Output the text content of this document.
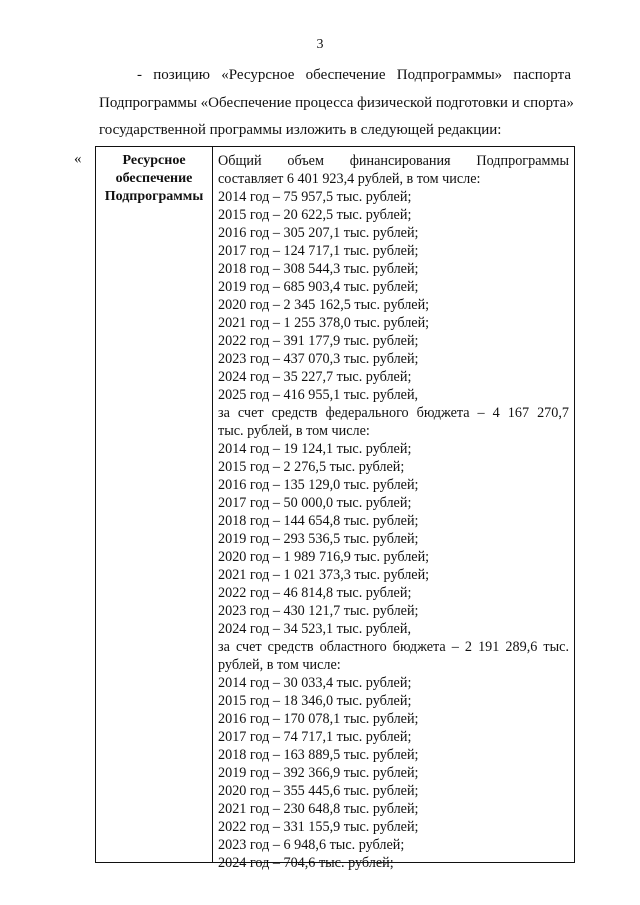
3
- позицию «Ресурсное обеспечение Подпрограммы» паспорта
Подпрограммы «Обеспечение процесса физической подготовки и спорта»
государственной программы изложить в следующей редакции:
«	Ресурсное
обеспечение
Подпрограммы
Общий объем финансирования Подпрограммы
составляет 6 401 923,4 рублей, в том числе:
2014 год – 75 957,5 тыс. рублей;
2015 год – 20 622,5 тыс. рублей;
2016 год – 305 207,1 тыс. рублей;
2017 год – 124 717,1 тыс. рублей;
2018 год – 308 544,3 тыс. рублей;
2019 год – 685 903,4 тыс. рублей;
2020 год – 2 345 162,5 тыс. рублей;
2021 год – 1 255 378,0 тыс. рублей;
2022 год – 391 177,9 тыс. рублей;
2023 год – 437 070,3 тыс. рублей;
2024 год – 35 227,7 тыс. рублей;
2025 год – 416 955,1 тыс. рублей,
за счет средств федерального бюджета – 4 167 270,7
тыс. рублей, в том числе:
2014 год – 19 124,1 тыс. рублей;
2015 год – 2 276,5 тыс. рублей;
2016 год – 135 129,0 тыс. рублей;
2017 год – 50 000,0 тыс. рублей;
2018 год – 144 654,8 тыс. рублей;
2019 год – 293 536,5 тыс. рублей;
2020 год – 1 989 716,9 тыс. рублей;
2021 год – 1 021 373,3 тыс. рублей;
2022 год – 46 814,8 тыс. рублей;
2023 год – 430 121,7 тыс. рублей;
2024 год – 34 523,1 тыс. рублей,
за счет средств областного бюджета – 2 191 289,6 тыс.
рублей, в том числе:
2014 год – 30 033,4 тыс. рублей;
2015 год – 18 346,0 тыс. рублей;
2016 год – 170 078,1 тыс. рублей;
2017 год – 74 717,1 тыс. рублей;
2018 год – 163 889,5 тыс. рублей;
2019 год – 392 366,9 тыс. рублей;
2020 год – 355 445,6 тыс. рублей;
2021 год – 230 648,8 тыс. рублей;
2022 год – 331 155,9 тыс. рублей;
2023 год – 6 948,6 тыс. рублей;
2024 год – 704,6 тыс. рублей;
